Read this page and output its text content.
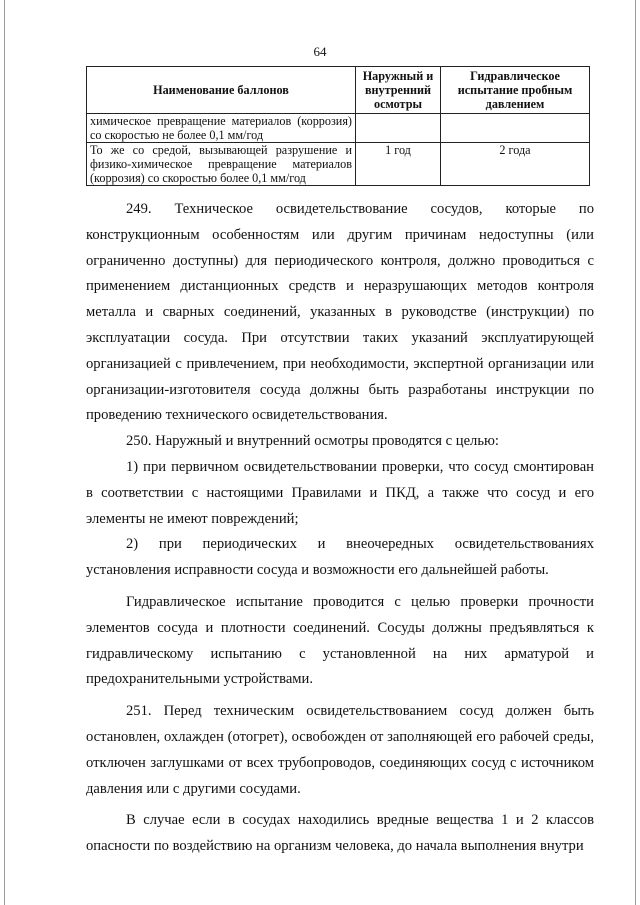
64
Наименование баллонов	Наружный и внутренний осмотры	Гидравлическое испытание пробным давлением
химическое превращение материалов (коррозия) со скоростью не более 0,1 мм/год		
То же со средой, вызывающей разрушение и физико-химическое превращение материалов (коррозия) со скоростью более 0,1 мм/год	1 год	2 года

249. Техническое освидетельствование сосудов, которые по конструкционным особенностям или другим причинам недоступны (или ограниченно доступны) для периодического контроля, должно проводиться с применением дистанционных средств и неразрушающих методов контроля металла и сварных соединений, указанных в руководстве (инструкции) по эксплуатации сосуда. При отсутствии таких указаний эксплуатирующей организацией с привлечением, при необходимости, экспертной организации или организации-изготовителя сосуда должны быть разработаны инструкции по проведению технического освидетельствования.

250. Наружный и внутренний осмотры проводятся с целью:

1) при первичном освидетельствовании проверки, что сосуд смонтирован в соответствии с настоящими Правилами и ПКД, а также что сосуд и его элементы не имеют повреждений;

2) при периодических и внеочередных освидетельствованиях установления исправности сосуда и возможности его дальнейшей работы.

Гидравлическое испытание проводится с целью проверки прочности элементов сосуда и плотности соединений. Сосуды должны предъявляться к гидравлическому испытанию с установленной на них арматурой и предохранительными устройствами.

251. Перед техническим освидетельствованием сосуд должен быть остановлен, охлажден (отогрет), освобожден от заполняющей его рабочей среды, отключен заглушками от всех трубопроводов, соединяющих сосуд с источником давления или с другими сосудами.

В случае если в сосудах находились вредные вещества 1 и 2 классов опасности по воздействию на организм человека, до начала выполнения внутри
